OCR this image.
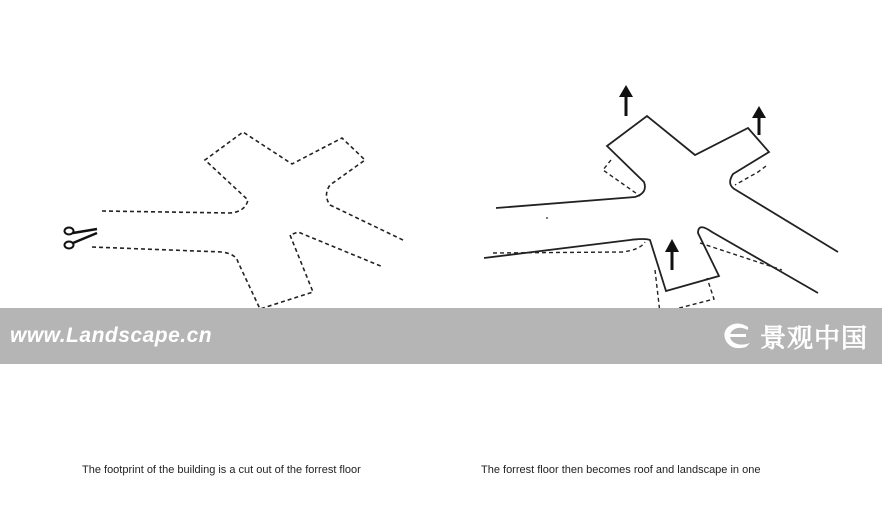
www.Landscape.cn	景观中国
The footprint of the building is a cut out of the forrest floor	The forrest floor then becomes roof and landscape in one
